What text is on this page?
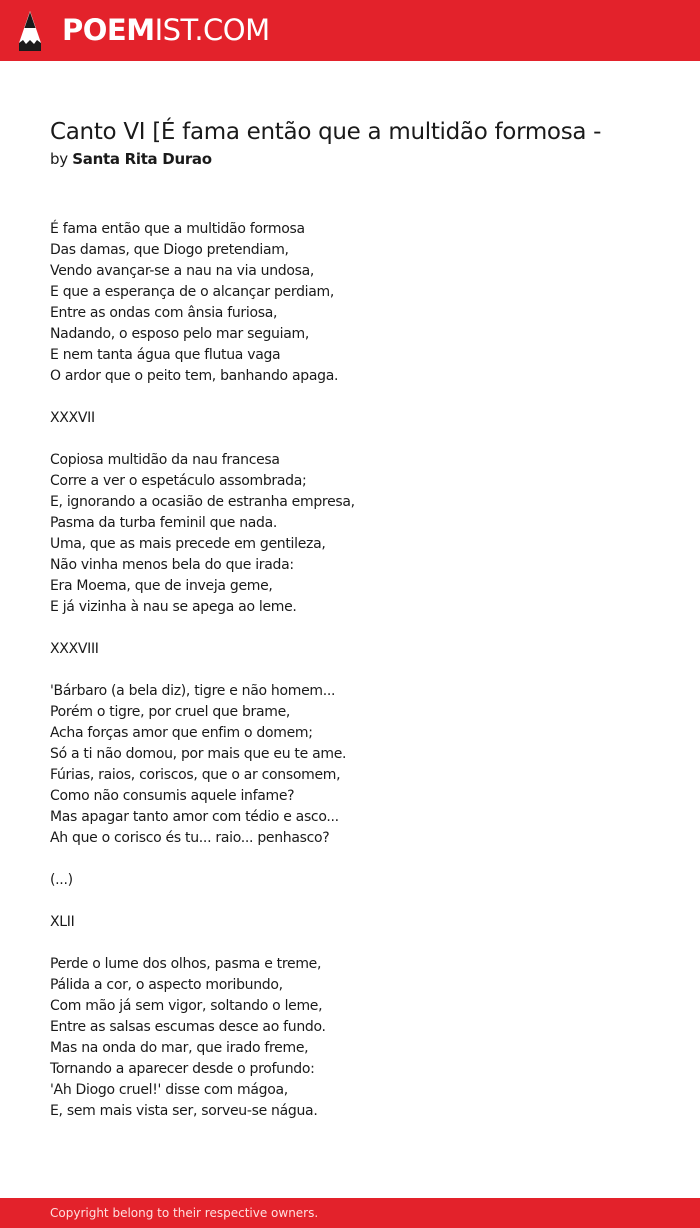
POEMIST.COM
Canto VI [É fama então que a multidão formosa -
by Santa Rita Durao
É fama então que a multidão formosa
Das damas, que Diogo pretendiam,
Vendo avançar-se a nau na via undosa,
E que a esperança de o alcançar perdiam,
Entre as ondas com ânsia furiosa,
Nadando, o esposo pelo mar seguiam,
E nem tanta água que flutua vaga
O ardor que o peito tem, banhando apaga.
XXXVII
Copiosa multidão da nau francesa
Corre a ver o espetáculo assombrada;
E, ignorando a ocasião de estranha empresa,
Pasma da turba feminil que nada.
Uma, que as mais precede em gentileza,
Não vinha menos bela do que irada:
Era Moema, que de inveja geme,
E já vizinha à nau se apega ao leme.
XXXVIII
'Bárbaro (a bela diz), tigre e não homem...
Porém o tigre, por cruel que brame,
Acha forças amor que enfim o domem;
Só a ti não domou, por mais que eu te ame.
Fúrias, raios, coriscos, que o ar consomem,
Como não consumis aquele infame?
Mas apagar tanto amor com tédio e asco...
Ah que o corisco és tu... raio... penhasco?
(...)
XLII
Perde o lume dos olhos, pasma e treme,
Pálida a cor, o aspecto moribundo,
Com mão já sem vigor, soltando o leme,
Entre as salsas escumas desce ao fundo.
Mas na onda do mar, que irado freme,
Tornando a aparecer desde o profundo:
'Ah Diogo cruel!' disse com mágoa,
E, sem mais vista ser, sorveu-se nágua.
Copyright belong to their respective owners.
